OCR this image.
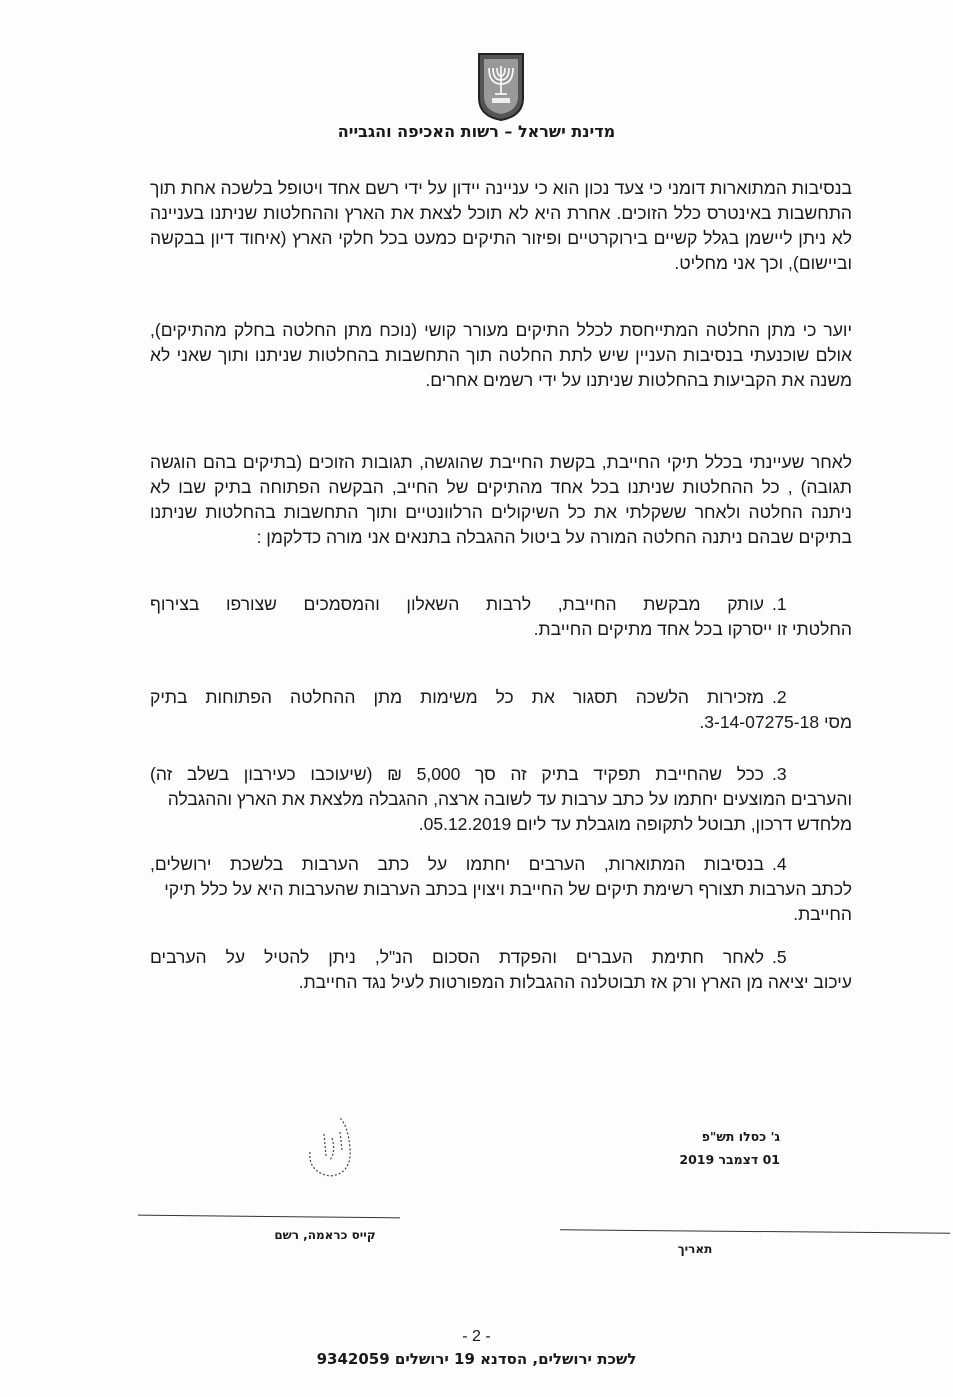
מדינת ישראל – רשות האכיפה והגבייה

בנסיבות המתוארות דומני כי צעד נכון הוא כי עניינה יידון על ידי רשם אחד ויטופל בלשכה אחת תוך התחשבות באינטרס כלל הזוכים. אחרת היא לא תוכל לצאת את הארץ וההחלטות שניתנו בעניינה לא ניתן ליישמן בגלל קשיים בירוקרטיים ופיזור התיקים כמעט בכל חלקי הארץ (איחוד דיון בבקשה וביישום), וכך אני מחליט.

יוער כי מתן החלטה המתייחסת לכלל התיקים מעורר קושי (נוכח מתן החלטה בחלק מהתיקים), אולם שוכנעתי בנסיבות העניין שיש לתת החלטה תוך התחשבות בהחלטות שניתנו ותוך שאני לא משנה את הקביעות בהחלטות שניתנו על ידי רשמים אחרים.

לאחר שעיינתי בכלל תיקי החייבת, בקשת החייבת שהוגשה, תגובות הזוכים (בתיקים בהם הוגשה תגובה) , כל ההחלטות שניתנו בכל אחד מהתיקים של החייב, הבקשה הפתוחה בתיק שבו לא ניתנה החלטה ולאחר ששקלתי את כל השיקולים הרלוונטיים ותוך התחשבות בהחלטות שניתנו בתיקים שבהם ניתנה החלטה המורה על ביטול ההגבלה בתנאים אני מורה כדלקמן :

1.
עותק מבקשת החייבת, לרבות השאלון והמסמכים שצורפו בצירוף
החלטתי זו ייסרקו בכל אחד מתיקים החייבת.
2.
מזכירות הלשכה תסגור את כל משימות מתן ההחלטה הפתוחות בתיק
מסי 3-14-07275-18.
3.
ככל שהחייבת תפקיד בתיק זה סך 5,000 ₪ (שיעוכבו כעירבון בשלב זה)
והערבים המוצעים יחתמו על כתב ערבות עד לשובה ארצה, ההגבלה מלצאת את הארץ וההגבלה מלחדש דרכון, תבוטל לתקופה מוגבלת עד ליום 05.12.2019.
4.
בנסיבות המתוארות, הערבים יחתמו על כתב הערבות בלשכת ירושלים,
לכתב הערבות תצורף רשימת תיקים של החייבת ויצוין בכתב הערבות שהערבות היא על כלל תיקי החייבת.
5.
לאחר חתימת העברים והפקדת הסכום הנ"ל, ניתן להטיל על הערבים
עיכוב יציאה מן הארץ ורק אז תבוטלנה ההגבלות המפורטות לעיל נגד החייבת.
ג' כסלו תש"פ
01 דצמבר 2019
קייס כראמה, רשם
תאריך
- 2 -
לשכת ירושלים, הסדנא 19 ירושלים 9342059
